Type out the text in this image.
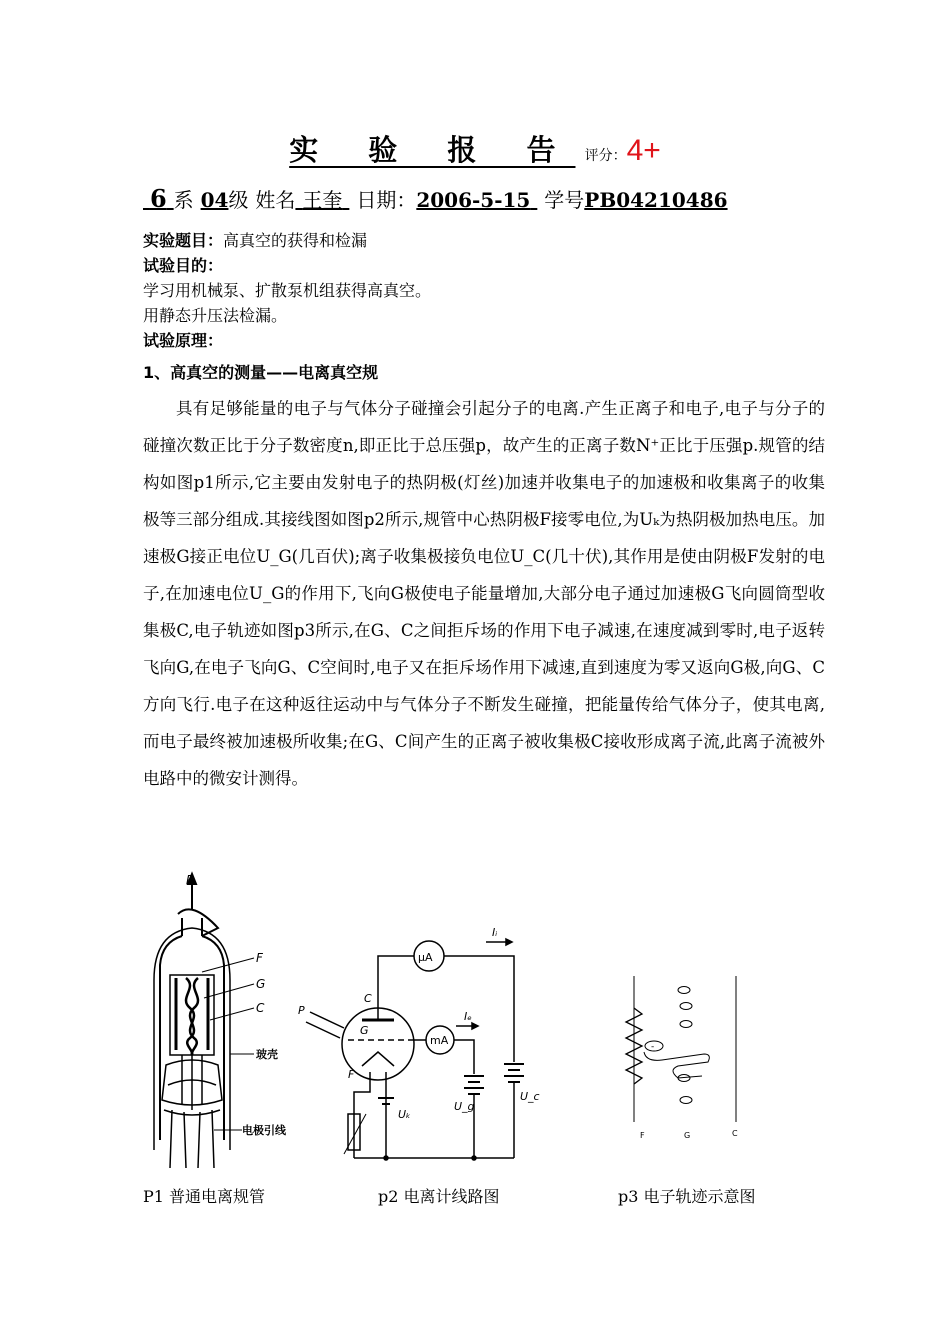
实 验 报 告 评分：4+
6 系 04级 姓名 王奎 日期：2006-5-15 学号PB04210486
实验题目：高真空的获得和检漏
试验目的：
学习用机械泵、扩散泵机组获得高真空。
用静态升压法检漏。
试验原理：
1、高真空的测量——电离真空规

具有足够能量的电子与气体分子碰撞会引起分子的电离.产生正离子和电子,电子与分子的碰撞次数正比于分子数密度n,即正比于总压强p，故产生的正离子数N⁺正比于压强p.规管的结构如图p1所示,它主要由发射电子的热阴极(灯丝)加速并收集电子的加速极和收集离子的收集极等三部分组成.其接线图如图p2所示,规管中心热阴极F接零电位,为Uₖ为热阴极加热电压。加速极G接正电位U_G(几百伏);离子收集极接负电位U_C(几十伏),其作用是使由阴极F发射的电子,在加速电位U_G的作用下,飞向G极使电子能量增加,大部分电子通过加速极G飞向圆筒型收集极C,电子轨迹如图p3所示,在G、C之间拒斥场的作用下电子减速,在速度减到零时,电子返转飞向G,在电子飞向G、C空间时,电子又在拒斥场作用下减速,直到速度为零又返向G极,向G、C方向飞行.电子在这种返往运动中与气体分子不断发生碰撞，把能量传给气体分子，使其电离,而电子最终被加速极所收集;在G、C间产生的正离子被收集极C接收形成离子流,此离子流被外电路中的微安计测得。

P
F
G
C
玻壳
电极引线
μA
Iᵢ
C
G
F
P
mA
Iₑ
U_g
U_c
Uₖ
-
F	G	C
P1 普通电离规管	p2 电离计线路图	p3 电子轨迹示意图
